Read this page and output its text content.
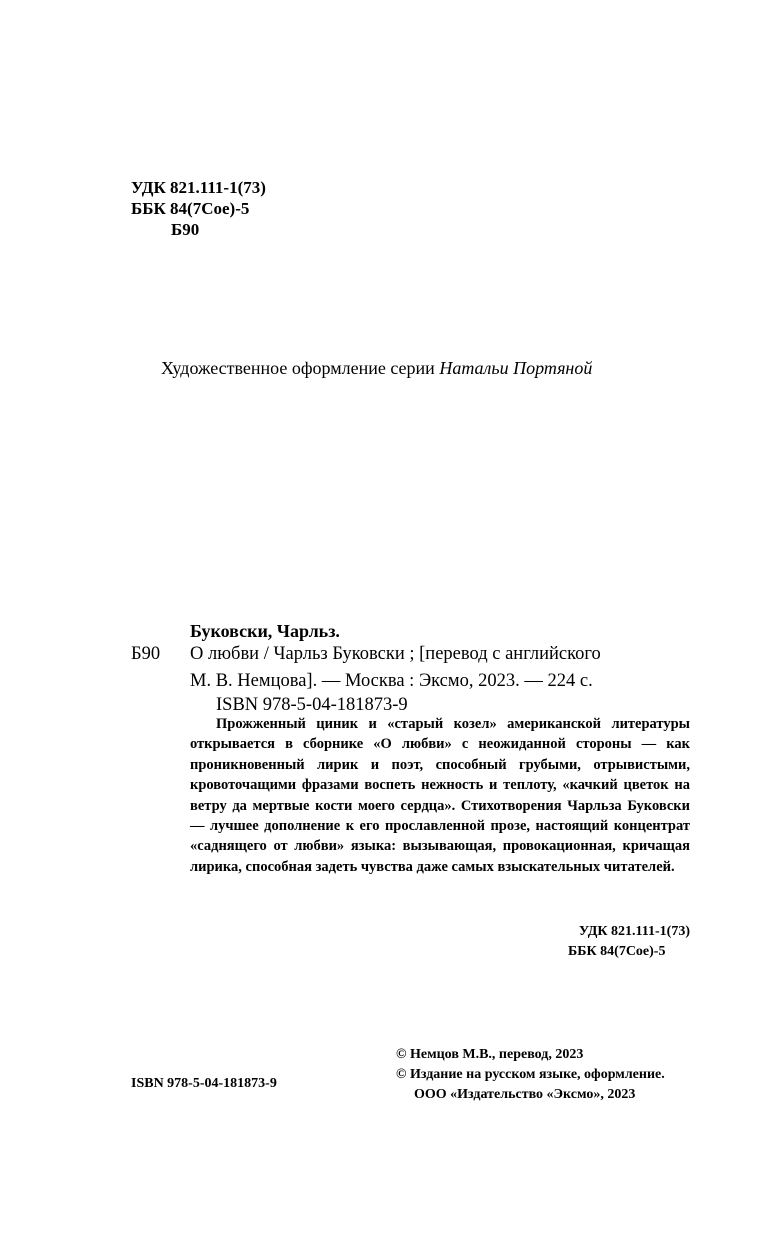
УДК 821.111-1(73)
ББК 84(7Сое)-5
Б90
Художественное оформление серии Натальи Портяной
Буковски, Чарльз.
Б90 О любви / Чарльз Буковски ; [перевод с английского
М. В. Немцова]. — Москва : Эксмо, 2023. — 224 с.
ISBN 978-5-04-181873-9

Прожженный циник и «старый козел» американской литературы открывается в сборнике «О любви» с неожиданной стороны — как проникновенный лирик и поэт, способный грубыми, отрывистыми, кровоточащими фразами воспеть нежность и теплоту, «качкий цветок на ветру да мертвые кости моего сердца». Стихотворения Чарльза Буковски — лучшее дополнение к его прославленной прозе, настоящий концентрат «саднящего от любви» языка: вызывающая, провокационная, кричащая лирика, способная задеть чувства даже самых взыскательных читателей.

УДК 821.111-1(73)
ББК 84(7Сое)-5
ISBN 978-5-04-181873-9
© Немцов М.В., перевод, 2023
© Издание на русском языке, оформление.
ООО «Издательство «Эксмо», 2023
